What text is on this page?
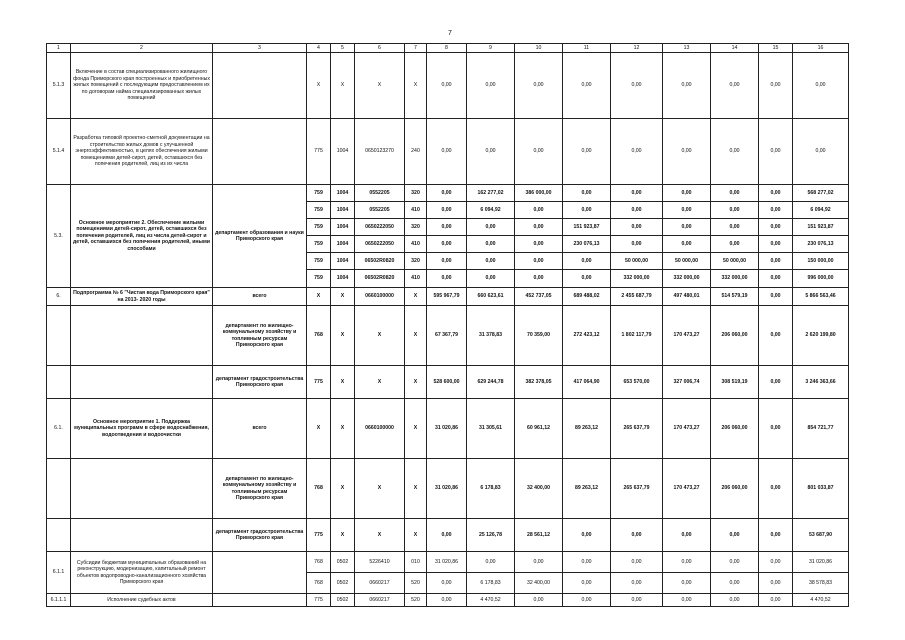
7
1	2	3	4	5	6	7	8	9	10	11	12	13	14	15	16
5.1.3	Включение в состав специализированного жилищного фонда Приморского края построенных и приобретенных жилых помещений с последующим предоставлением их по договорам найма специализированных жилых помещений		X	X	X	X	0,00	0,00	0,00	0,00	0,00	0,00	0,00	0,00	0,00
5.1.4	Разработка типовой проектно-сметной документации на строительство жилых домов с улучшенной энергоэффективностью, в целях обеспечения жилыми помещениями детей-сирот, детей, оставшихся без попечения родителей, лиц из их числа		775	1004	0650123270	240	0,00	0,00	0,00	0,00	0,00	0,00	0,00	0,00	0,00
5.3.	Основное мероприятие 2. Обеспечение жилыми помещениями детей-сирот, детей, оставшихся без попечения родителей, лиц из числа детей-сирот и детей, оставшихся без попечения родителей, иными способами	департамент образования и науки Приморского края	759	1004	0552205	320	0,00	162 277,02	386 000,00	0,00	0,00	0,00	0,00	0,00	568 277,02
			759	1004	0552205	410	0,00	6 094,92	0,00	0,00	0,00	0,00	0,00	0,00	6 094,92
			759	1004	0650222050	320	0,00	0,00	0,00	151 923,87	0,00	0,00	0,00	0,00	151 923,87
			759	1004	0650222050	410	0,00	0,00	0,00	230 076,13	0,00	0,00	0,00	0,00	230 076,13
			759	1004	06502R0820	320	0,00	0,00	0,00	0,00	50 000,00	50 000,00	50 000,00	0,00	150 000,00
			759	1004	06502R0820	410	0,00	0,00	0,00	0,00	332 000,00	332 000,00	332 000,00	0,00	996 000,00
6.	Подпрограмма № 6 "Чистая вода Приморского края" на 2013- 2020 годы	всего	X	X	0660100000	X	595 967,79	660 623,61	452 737,05	689 488,02	2 455 687,79	497 480,01	514 579,19	0,00	5 866 563,46
		департамент по жилищно-коммунальному хозяйству и топливным ресурсам Приморского края	768	X	X	X	67 367,79	31 378,83	70 359,00	272 423,12	1 802 117,79	170 473,27	206 060,00	0,00	2 620 199,80
		департамент градостроительства Приморского края	775	X	X	X	528 600,00	629 244,78	382 378,05	417 064,90	653 570,00	327 006,74	308 519,19	0,00	3 246 363,66
6.1.	Основное мероприятие 1. Поддержка муниципальных программ в сфере водоснабжения, водоотведения и водоочистки	всего	X	X	0660100000	X	31 020,86	31 305,61	60 961,12	89 263,12	265 637,79	170 473,27	206 060,00	0,00	854 721,77
		департамент по жилищно-коммунальному хозяйству и топливным ресурсам Приморского края	768	X	X	X	31 020,86	6 178,83	32 400,00	89 263,12	265 637,79	170 473,27	206 060,00	0,00	801 033,87
		департамент градостроительства Приморского края	775	X	X	X	0,00	25 126,78	28 561,12	0,00	0,00	0,00	0,00	0,00	53 687,90
6.1.1	Субсидии бюджетам муниципальных образований на реконструкцию, модернизацию, капитальный ремонт объектов водопроводно-канализационного хозяйства Приморского края		768	0502	5226410	010	31 020,86	0,00	0,00	0,00	0,00	0,00	0,00	0,00	31 020,86
			768	0502	0660217	520	0,00	6 178,83	32 400,00	0,00	0,00	0,00	0,00	0,00	38 578,83
6.1.1.1	Исполнение судебных актов		775	0502	0660217	520	0,00	4 470,52	0,00	0,00	0,00	0,00	0,00	0,00	4 470,52
